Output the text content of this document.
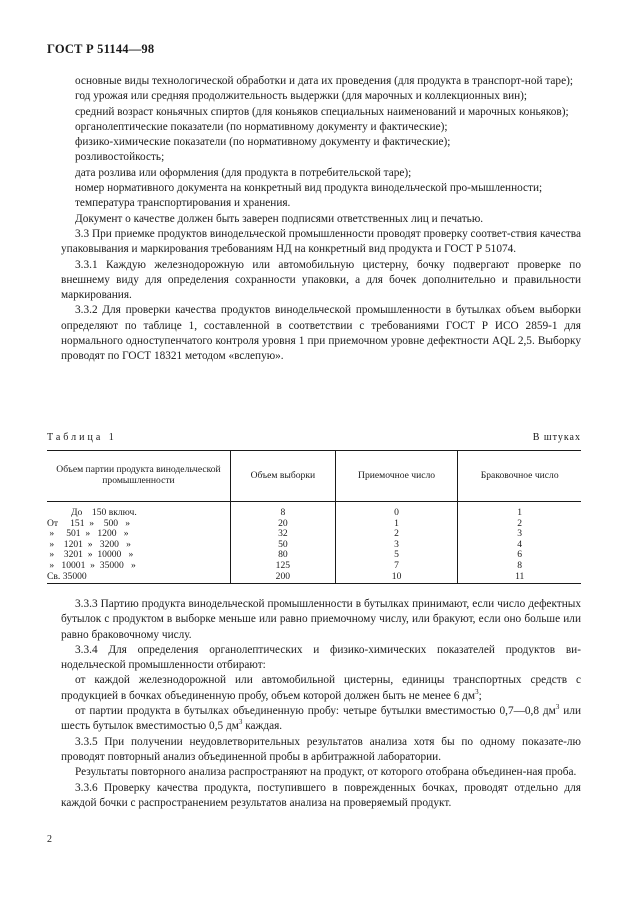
ГОСТ Р 51144—98

основные виды технологической обработки и дата их проведения (для продукта в транспорт-ной таре);

год урожая или средняя продолжительность выдержки (для марочных и коллекционных вин);

средний возраст коньячных спиртов (для коньяков специальных наименований и марочных коньяков);

органолептические показатели (по нормативному документу и фактические);

физико-химические показатели (по нормативному документу и фактические);

розливостойкость;

дата розлива или оформления (для продукта в потребительской таре);

номер нормативного документа на конкретный вид продукта винодельческой про-мышленности;

температура транспортирования и хранения.

Документ о качестве должен быть заверен подписями ответственных лиц и печатью.

3.3 При приемке продуктов винодельческой промышленности проводят проверку соответ-ствия качества упаковывания и маркирования требованиям НД на конкретный вид продукта и ГОСТ Р 51074.

3.3.1 Каждую железнодорожную или автомобильную цистерну, бочку подвергают проверке по внешнему виду для определения сохранности упаковки, а для бочек дополнительно и правильности маркирования.

3.3.2 Для проверки качества продуктов винодельческой промышленности в бутылках объем выборки определяют по таблице 1, составленной в соответствии с требованиями ГОСТ Р ИСО 2859-1 для нормального одноступенчатого контроля уровня 1 при приемочном уровне дефектности AQL 2,5. Выборку проводят по ГОСТ 18321 методом «вслепую».

Таблица 1	В штуках
Объем партии продукта винодельческой промышленности	Объем выборки	Приемочное число	Браковочное число
До    150 включ.	8	0	1
От     151  »    500   »	20	1	2
»     501  »   1200   »	32	2	3
»    1201  »   3200   »	50	3	4
»    3201  »  10000   »	80	5	6
»   10001  »  35000   »	125	7	8
Св. 35000	200	10	11

3.3.3 Партию продукта винодельческой промышленности в бутылках принимают, если число дефектных бутылок с продуктом в выборке меньше или равно приемочному числу, или бракуют, если оно больше или равно браковочному числу.

3.3.4 Для определения органолептических и физико-химических показателей продуктов ви-нодельческой промышленности отбирают:

от каждой железнодорожной или автомобильной цистерны, единицы транспортных средств с продукцией в бочках объединенную пробу, объем которой должен быть не менее 6 $дм^3$;

от партии продукта в бутылках объединенную пробу: четыре бутылки вместимостью 0,7—0,8 $дм^3$ или шесть бутылок вместимостью 0,5 $дм^3$ каждая.

3.3.5 При получении неудовлетворительных результатов анализа хотя бы по одному показате-лю проводят повторный анализ объединенной пробы в арбитражной лаборатории.

Результаты повторного анализа распространяют на продукт, от которого отобрана объединен-ная проба.

3.3.6 Проверку качества продукта, поступившего в поврежденных бочках, проводят отдельно для каждой бочки с распространением результатов анализа на проверяемый продукт.

2
